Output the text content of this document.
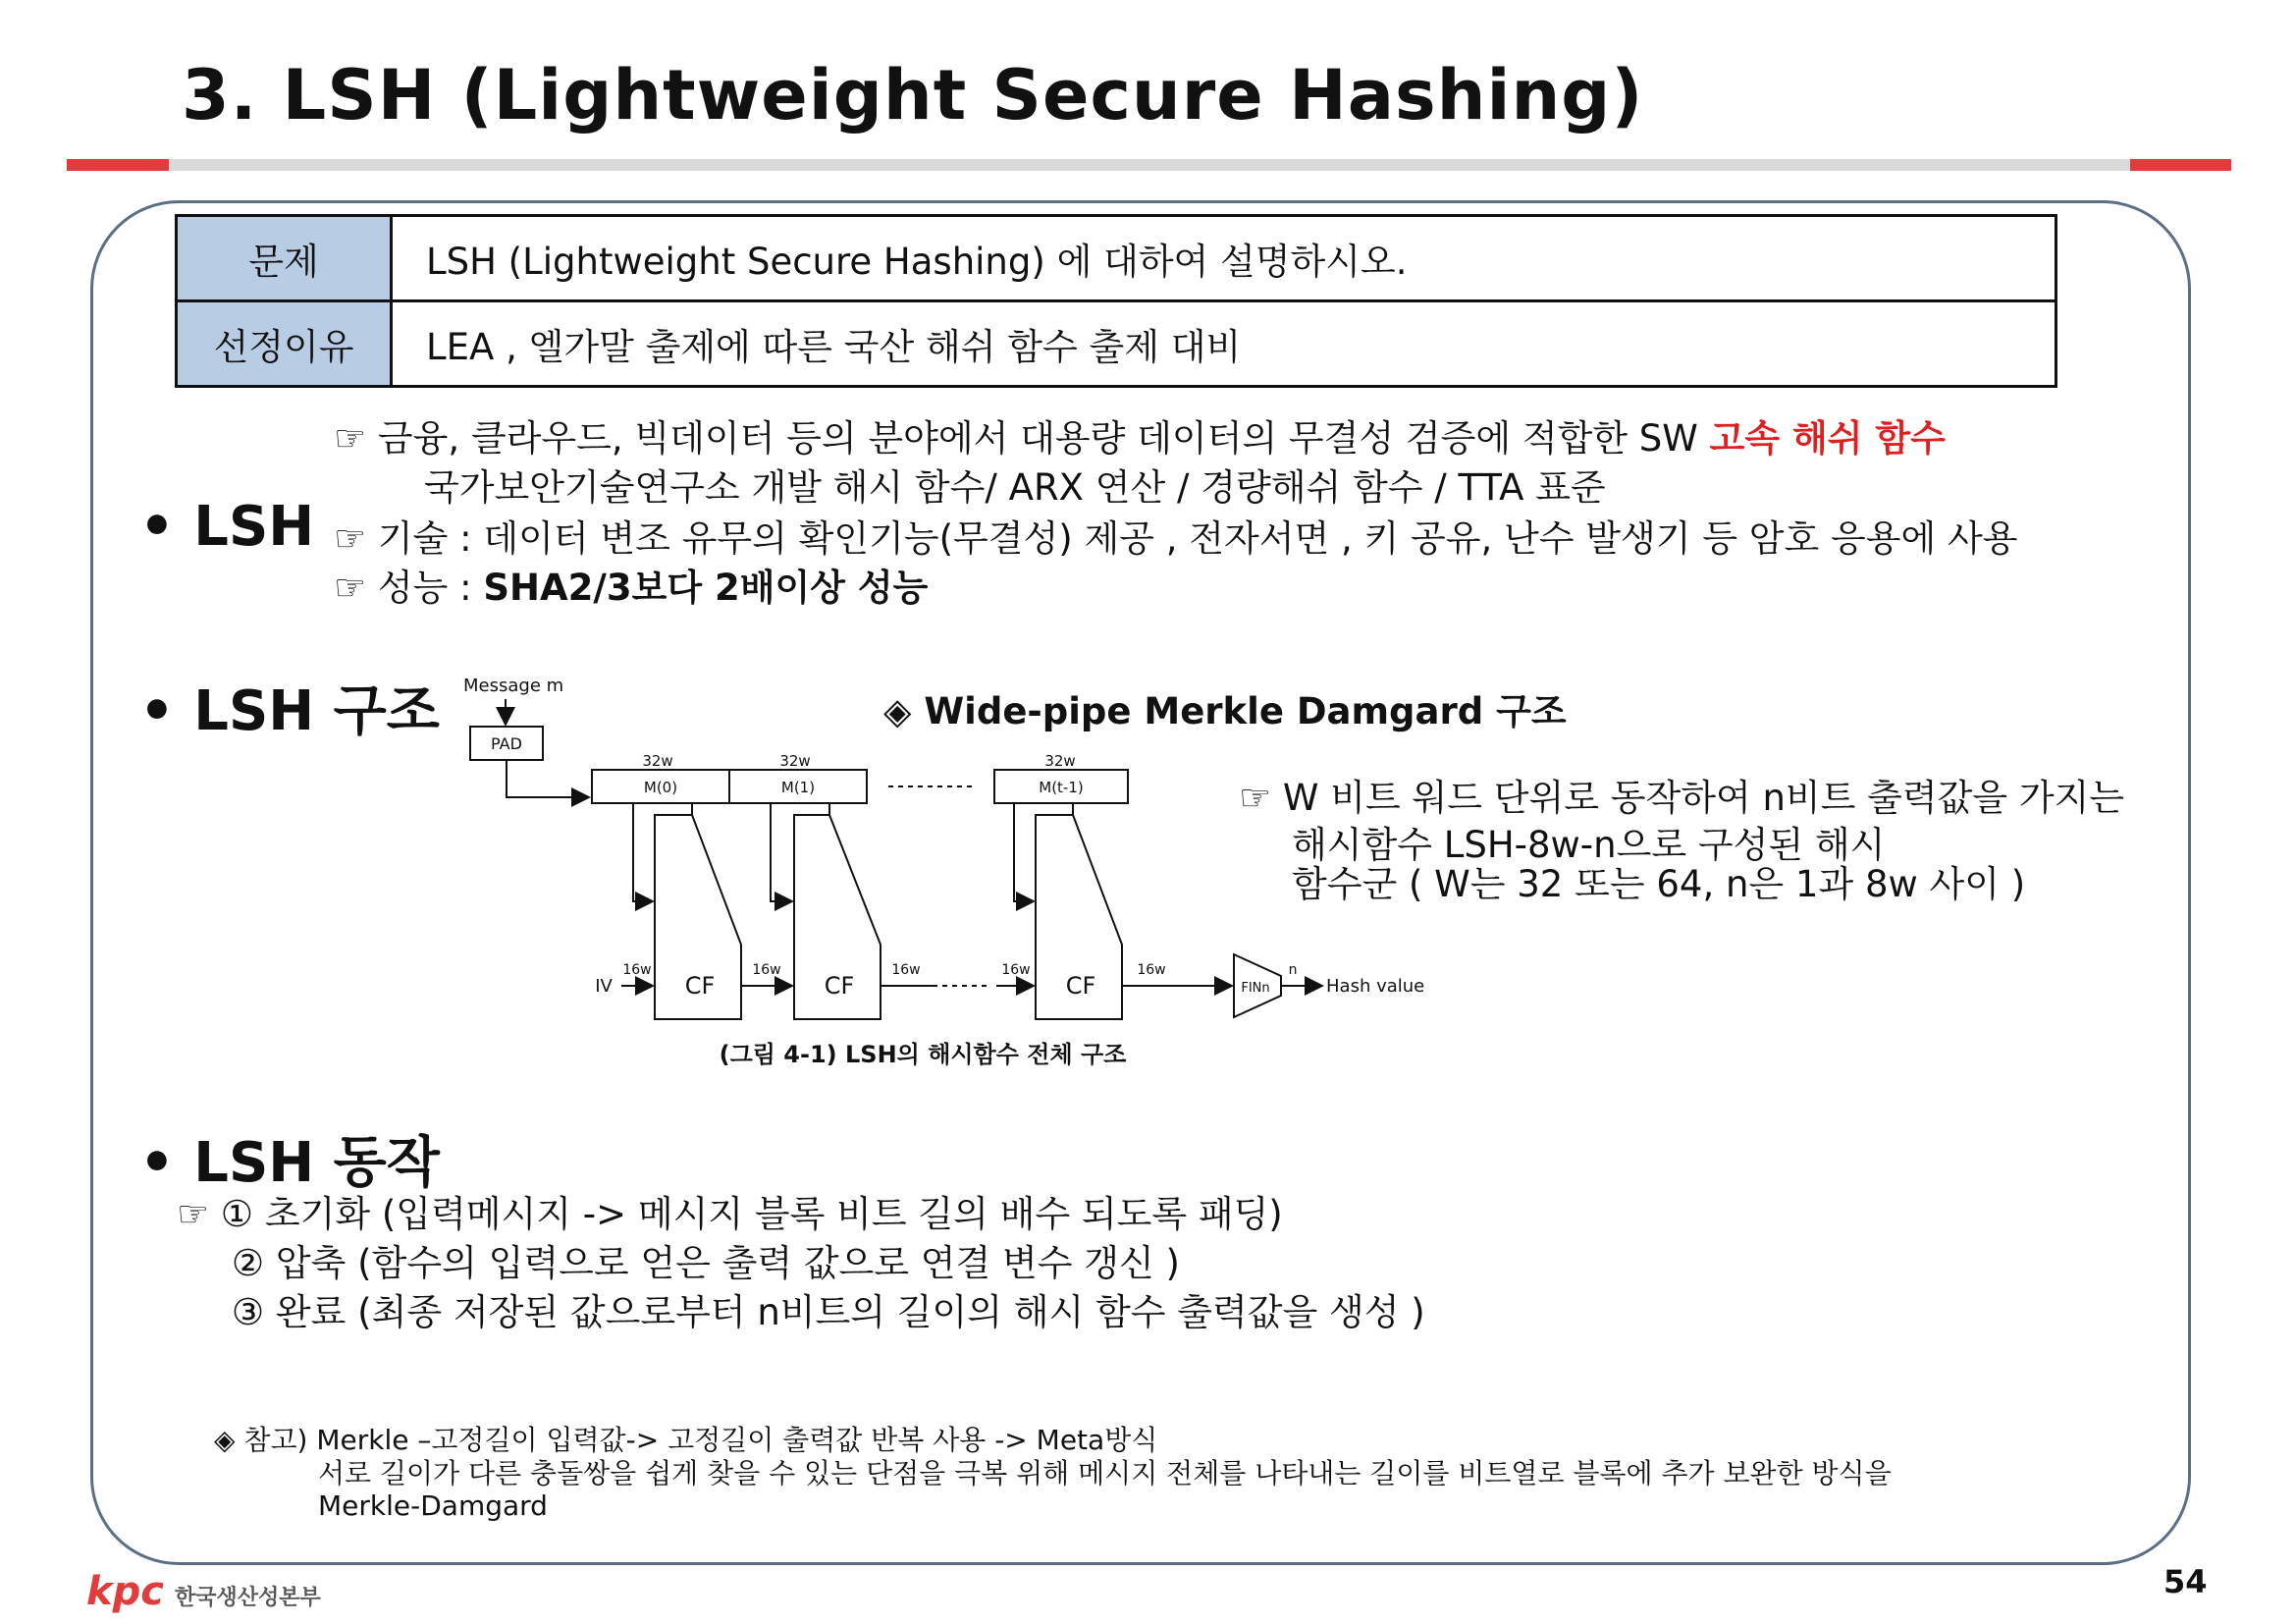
3. LSH (Lightweight Secure Hashing)
문제	LSH (Lightweight Secure Hashing) 에 대하여 설명하시오.
선정이유	LEA , 엘가말 출제에 따른 국산 해쉬 함수 출제 대비
• LSH
☞ 금융, 클라우드, 빅데이터 등의 분야에서 대용량 데이터의 무결성 검증에 적합한 SW 고속 해쉬 함수
국가보안기술연구소 개발 해시 함수/ ARX 연산 / 경량해쉬 함수 / TTA 표준
☞ 기술 : 데이터 변조 유무의 확인기능(무결성) 제공 , 전자서면 , 키 공유, 난수 발생기 등 암호 응용에 사용
☞ 성능 : SHA2/3보다 2배이상 성능
• LSH 구조	◈ Wide-pipe Merkle Damgard 구조
☞ W 비트 워드 단위로 동작하여 n비트 출력값을 가지는
해시함수 LSH-8w-n으로 구성된 해시
함수군 ( W는 32 또는 64, n은 1과 8w 사이 )
Message m
PAD
32w	32w	32w
M(0)	M(1)	M(t-1)
CF	CF	CF
IV
16w	16w	16w	16w	16w
FINn
n
Hash value
(그림 4-1) LSH의 해시함수 전체 구조
• LSH 동작
☞ ① 초기화 (입력메시지 -> 메시지 블록 비트 길의 배수 되도록 패딩)
② 압축 (함수의 입력으로 얻은 출력 값으로 연결 변수 갱신 )
③ 완료 (최종 저장된 값으로부터 n비트의 길이의 해시 함수 출력값을 생성 )
◈ 참고) Merkle –고정길이 입력값-> 고정길이 출력값 반복 사용 -> Meta방식
서로 길이가 다른 충돌쌍을 쉽게 찾을 수 있는 단점을 극복 위해 메시지 전체를 나타내는 길이를 비트열로 블록에 추가 보완한 방식을
Merkle-Damgard
kpc 한국생산성본부	54
